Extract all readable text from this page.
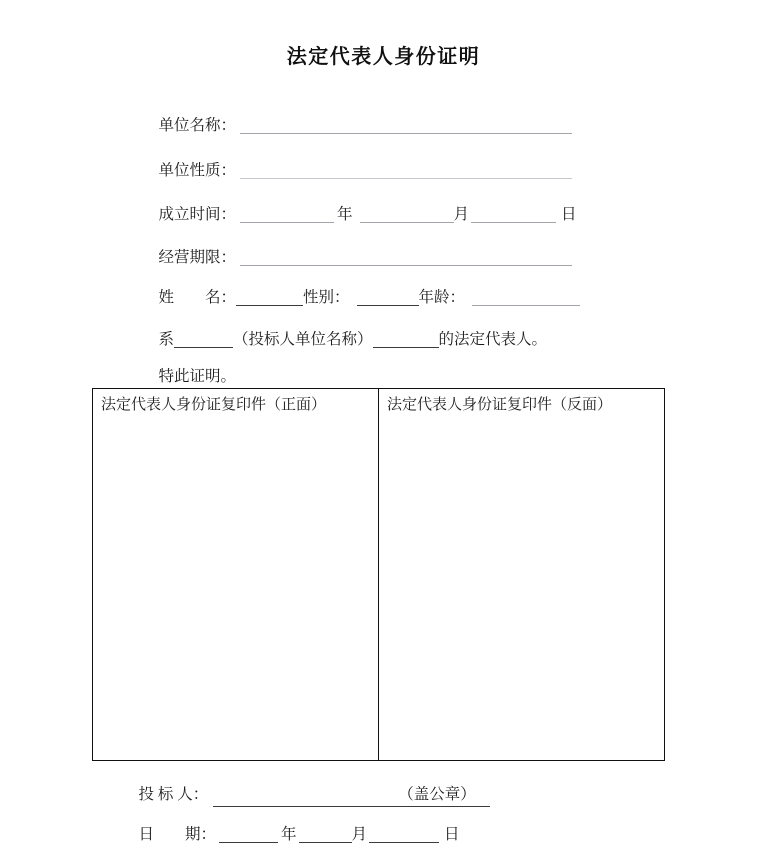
法定代表人身份证明

单位名称：

单位性质：

成立时间：	年	月	日

经营期限：

姓　　名：	性别：	年龄：

系	（投标人单位名称）	的法定代表人。

特此证明。

法定代表人身份证复印件（正面）	法定代表人身份证复印件（反面）

投 标 人：	（盖公章）

日　　期：	年	月	日
